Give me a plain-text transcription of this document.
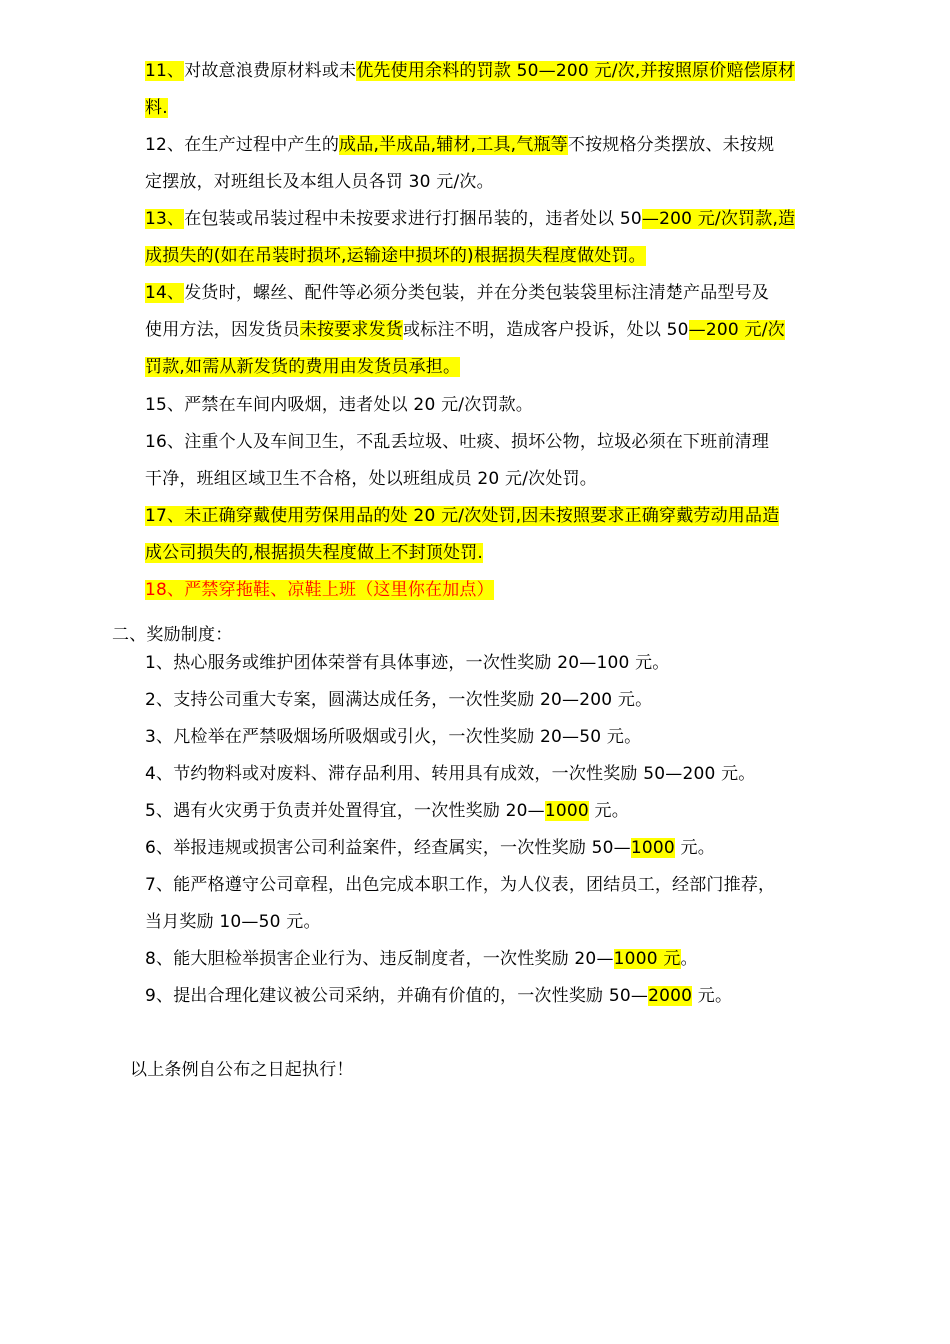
11、对故意浪费原材料或未优先使用余料的罚款 50—200 元/次,并按照原价赔偿原材
料.
12、在生产过程中产生的成品,半成品,辅材,工具,气瓶等不按规格分类摆放、未按规
定摆放，对班组长及本组人员各罚 30 元/次。
13、在包装或吊装过程中未按要求进行打捆吊装的，违者处以 50—200 元/次罚款,造
成损失的(如在吊装时损坏,运输途中损坏的)根据损失程度做处罚。
14、发货时，螺丝、配件等必须分类包装，并在分类包装袋里标注清楚产品型号及
使用方法，因发货员未按要求发货或标注不明，造成客户投诉，处以 50—200 元/次
罚款,如需从新发货的费用由发货员承担。
15、严禁在车间内吸烟，违者处以 20 元/次罚款。
16、注重个人及车间卫生，不乱丢垃圾、吐痰、损坏公物，垃圾必须在下班前清理
干净，班组区域卫生不合格，处以班组成员 20 元/次处罚。
17、未正确穿戴使用劳保用品的处 20 元/次处罚,因未按照要求正确穿戴劳动用品造
成公司损失的,根据损失程度做上不封顶处罚.
18、严禁穿拖鞋、凉鞋上班（这里你在加点）
二、奖励制度：
1、热心服务或维护团体荣誉有具体事迹，一次性奖励 20—100 元。
2、支持公司重大专案，圆满达成任务，一次性奖励 20—200 元。
3、凡检举在严禁吸烟场所吸烟或引火，一次性奖励 20—50 元。
4、节约物料或对废料、滞存品利用、转用具有成效，一次性奖励 50—200 元。
5、遇有火灾勇于负责并处置得宜，一次性奖励 20—1000 元。
6、举报违规或损害公司利益案件，经查属实，一次性奖励 50—1000 元。
7、能严格遵守公司章程，出色完成本职工作，为人仪表，团结员工，经部门推荐，
当月奖励 10—50 元。
8、能大胆检举损害企业行为、违反制度者，一次性奖励 20—1000 元。
9、提出合理化建议被公司采纳，并确有价值的，一次性奖励 50—2000 元。
以上条例自公布之日起执行！
